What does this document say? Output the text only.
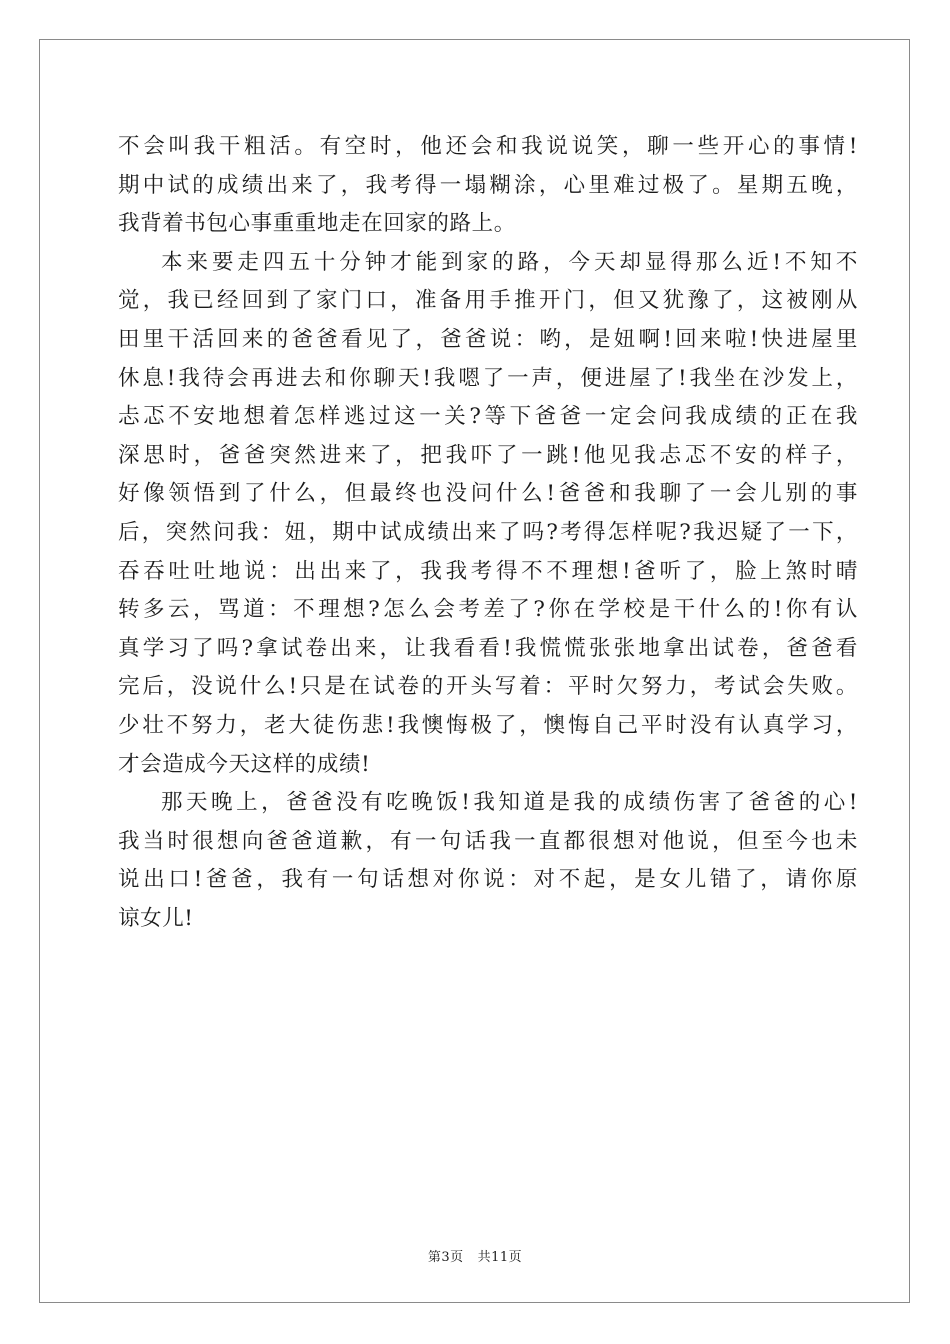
不会叫我干粗活。有空时，他还会和我说说笑，聊一些开心的事情!
期中试的成绩出来了，我考得一塌糊涂，心里难过极了。星期五晚，
我背着书包心事重重地走在回家的路上。
本来要走四五十分钟才能到家的路，今天却显得那么近!不知不
觉，我已经回到了家门口，准备用手推开门，但又犹豫了，这被刚从
田里干活回来的爸爸看见了，爸爸说：哟，是妞啊!回来啦!快进屋里
休息!我待会再进去和你聊天!我嗯了一声，便进屋了!我坐在沙发上，
忐忑不安地想着怎样逃过这一关?等下爸爸一定会问我成绩的正在我
深思时，爸爸突然进来了，把我吓了一跳!他见我忐忑不安的样子，
好像领悟到了什么，但最终也没问什么!爸爸和我聊了一会儿别的事
后，突然问我：妞，期中试成绩出来了吗?考得怎样呢?我迟疑了一下，
吞吞吐吐地说：出出来了，我我考得不不理想!爸听了，脸上煞时晴
转多云，骂道：不理想?怎么会考差了?你在学校是干什么的!你有认
真学习了吗?拿试卷出来，让我看看!我慌慌张张地拿出试卷，爸爸看
完后，没说什么!只是在试卷的开头写着：平时欠努力，考试会失败。
少壮不努力，老大徒伤悲!我懊悔极了，懊悔自己平时没有认真学习，
才会造成今天这样的成绩!
那天晚上，爸爸没有吃晚饭!我知道是我的成绩伤害了爸爸的心!
我当时很想向爸爸道歉，有一句话我一直都很想对他说，但至今也未
说出口!爸爸，我有一句话想对你说：对不起，是女儿错了，请你原
谅女儿!
第3页 共11页
